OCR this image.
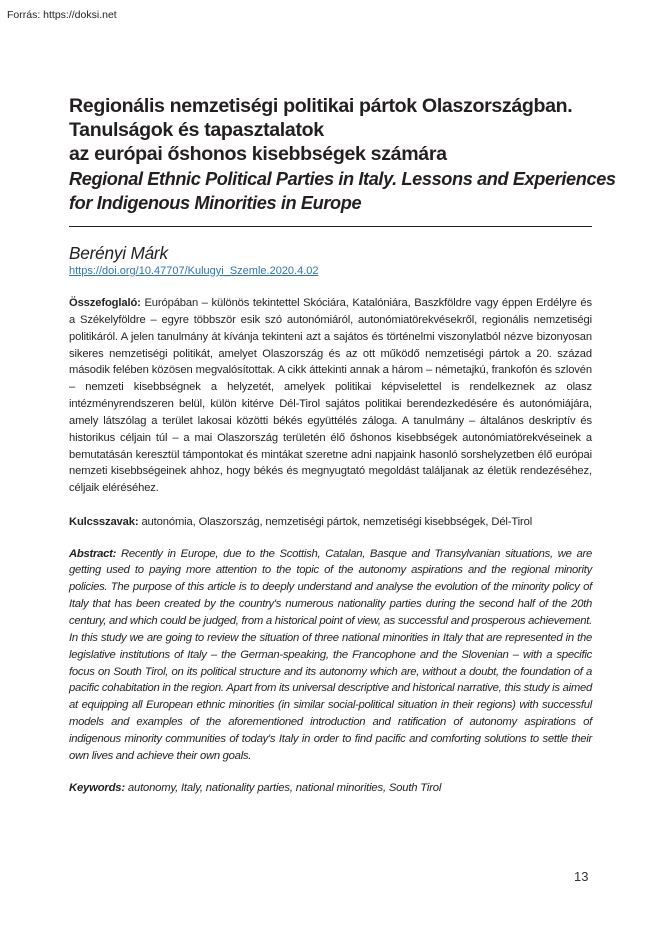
Forrás: https://doksi.net
Regionális nemzetiségi politikai pártok Olaszországban.
Tanulságok és tapasztalatok
az európai őshonos kisebbségek számára
Regional Ethnic Political Parties in Italy. Lessons and Experiences
for Indigenous Minorities in Europe
Berényi Márk
https://doi.org/10.47707/Kulugyi_Szemle.2020.4.02
Összefoglaló: Európában – különös tekintettel Skóciára, Katalóniára, Baszkföldre vagy éppen Erdélyre és a Székelyföldre – egyre többször esik szó autonómiáról, autonómiatörekvésekről, regionális nemzetiségi politikáról. A jelen tanulmány át kívánja tekinteni azt a sajátos és történelmi viszonylatból nézve bizonyosan sikeres nemzetiségi politikát, amelyet Olaszország és az ott működő nemzetiségi pártok a 20. század második felében közösen megvalósítottak. A cikk áttekinti annak a három – németajkú, frankofón és szlovén – nemzeti kisebbségnek a helyzetét, amelyek politikai képviselettel is rendelkeznek az olasz intézményrendszeren belül, külön kitérve Dél-Tirol sajátos politikai berendezkedésére és autonómiájára, amely látszólag a terület lakosai közötti békés együttélés záloga. A tanulmány – általános deskriptív és historikus céljain túl – a mai Olaszország területén élő őshonos kisebbségek autonómiatörekvéseinek a bemutatásán keresztül támpontokat és mintákat szeretne adni napjaink hasonló sorshelyzetben élő európai nemzeti kisebbségeinek ahhoz, hogy békés és megnyugtató megoldást találjanak az életük rendezéséhez, céljaik eléréséhez.
Kulcsszavak: autonómia, Olaszország, nemzetiségi pártok, nemzetiségi kisebbségek, Dél-Tirol
Abstract: Recently in Europe, due to the Scottish, Catalan, Basque and Transylvanian situations, we are getting used to paying more attention to the topic of the autonomy aspirations and the regional minority policies. The purpose of this article is to deeply understand and analyse the evolution of the minority policy of Italy that has been created by the country's numerous nationality parties during the second half of the 20th century, and which could be judged, from a historical point of view, as successful and prosperous achievement. In this study we are going to review the situation of three national minorities in Italy that are represented in the legislative institutions of Italy – the German-speaking, the Francophone and the Slovenian – with a specific focus on South Tirol, on its political structure and its autonomy which are, without a doubt, the foundation of a pacific cohabitation in the region. Apart from its universal descriptive and historical narrative, this study is aimed at equipping all European ethnic minorities (in similar social-political situation in their regions) with successful models and examples of the aforementioned introduction and ratification of autonomy aspirations of indigenous minority communities of today's Italy in order to find pacific and comforting solutions to settle their own lives and achieve their own goals.
Keywords: autonomy, Italy, nationality parties, national minorities, South Tirol
13
